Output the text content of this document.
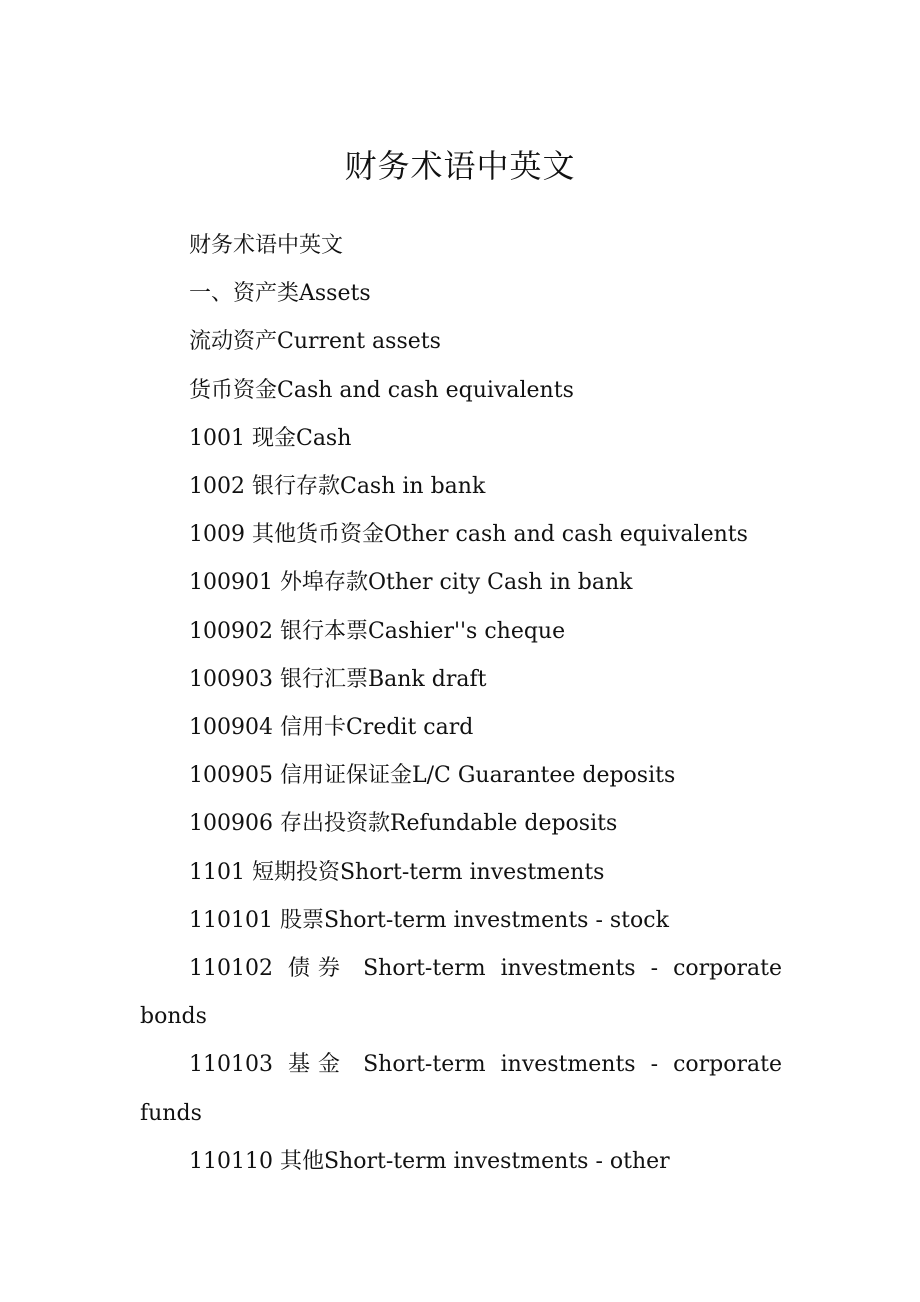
财务术语中英文

财务术语中英文

一、资产类Assets

流动资产Current assets

货币资金Cash and cash equivalents

1001 现金Cash

1002 银行存款Cash in bank

1009 其他货币资金Other cash and cash equivalents

100901 外埠存款Other city Cash in bank

100902 银行本票Cashier''s cheque

100903 银行汇票Bank draft

100904 信用卡Credit card

100905 信用证保证金L/C Guarantee deposits

100906 存出投资款Refundable deposits

1101 短期投资Short-term investments

110101 股票Short-term investments - stock

110102 债券 Short-term investments - corporate bonds

110103 基金 Short-term investments - corporate funds

110110 其他Short-term investments - other
